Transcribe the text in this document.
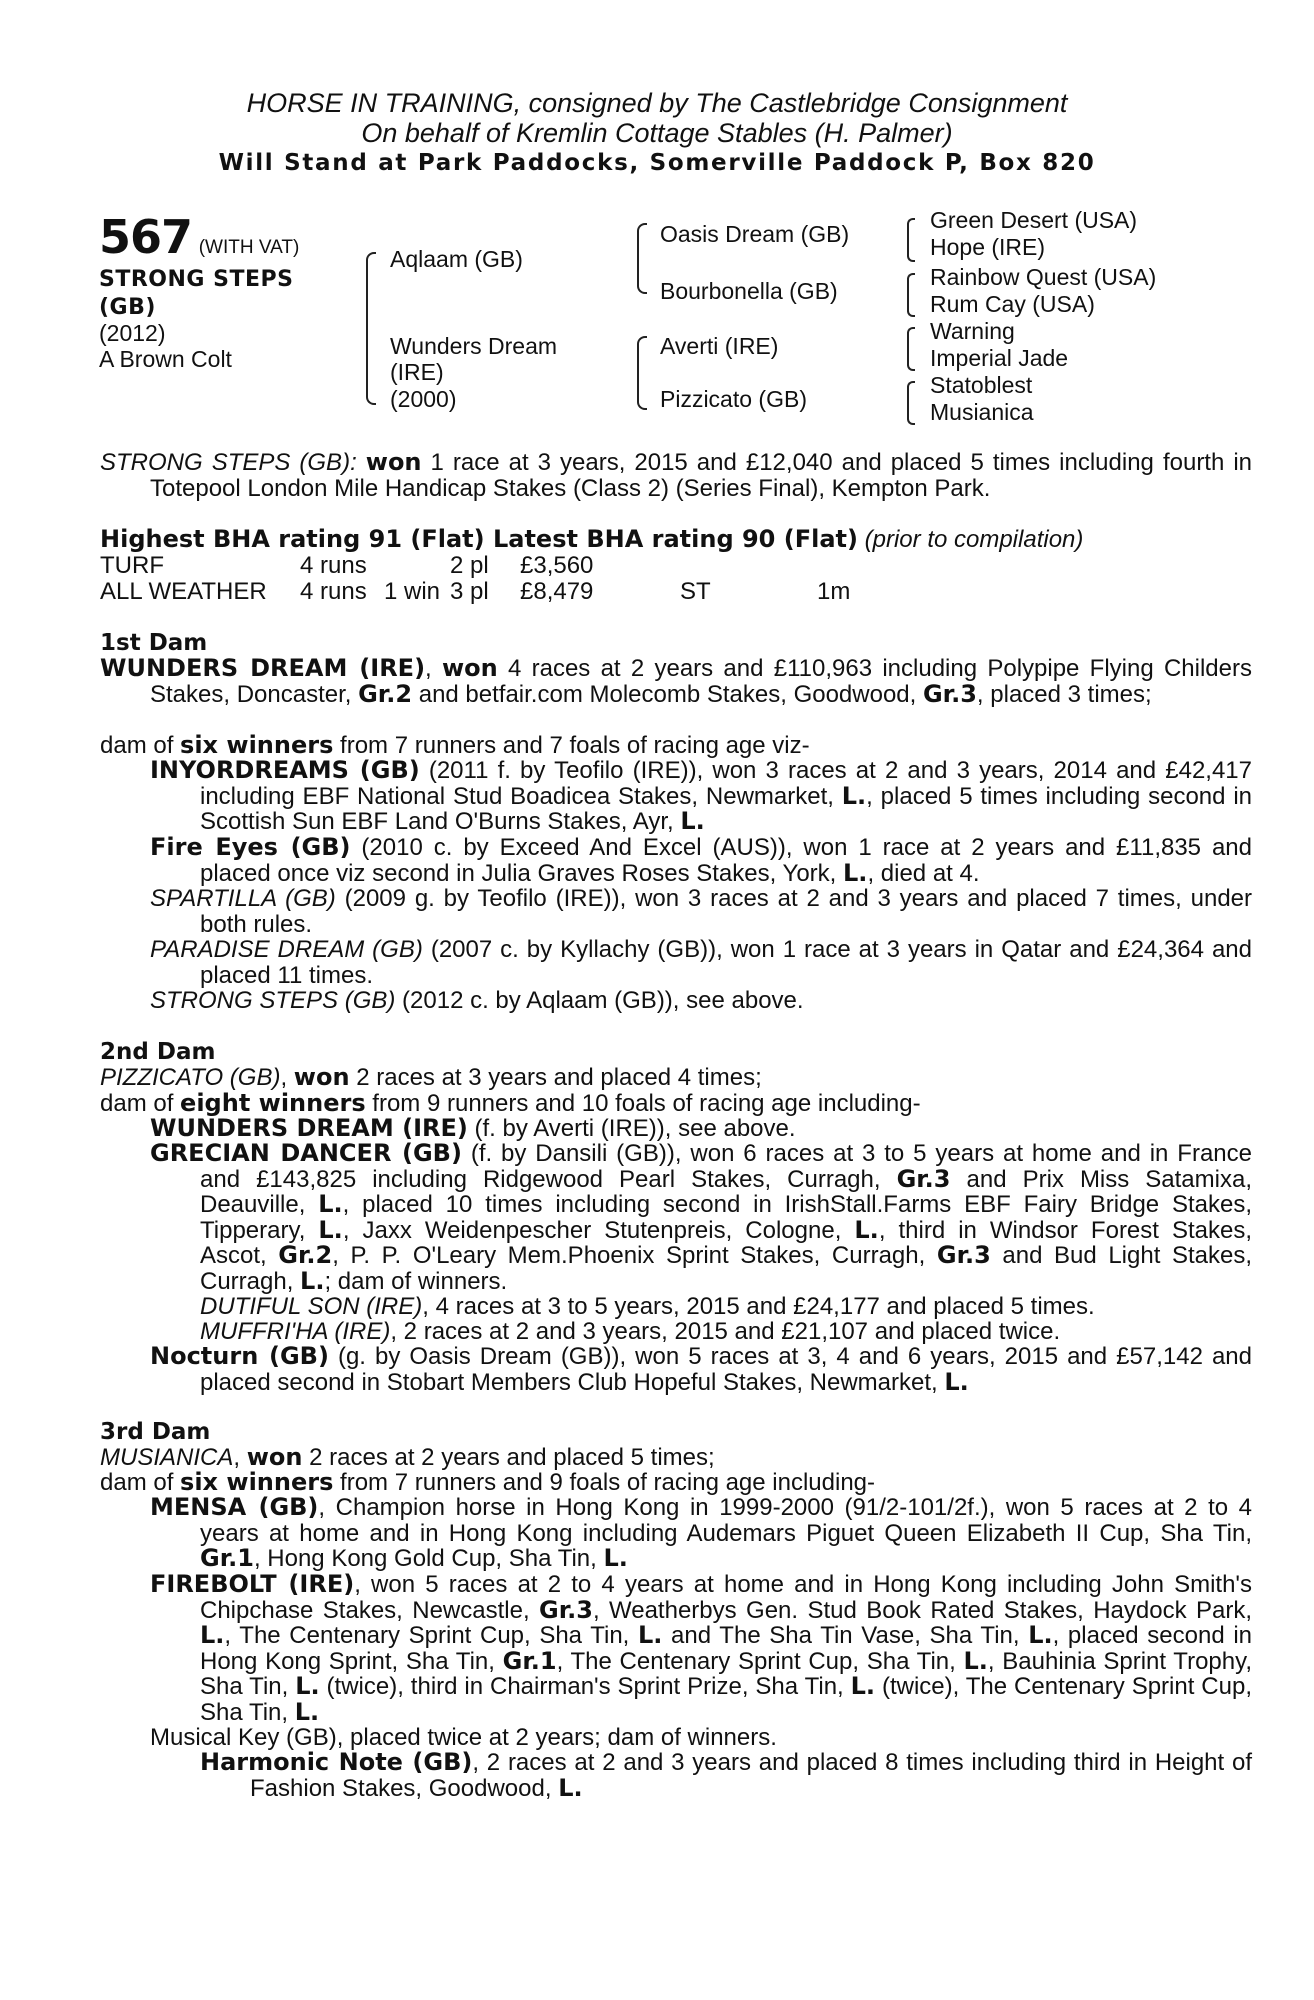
HORSE IN TRAINING, consigned by The Castlebridge Consignment
On behalf of Kremlin Cottage Stables (H. Palmer)
Will Stand at Park Paddocks, Somerville Paddock P, Box 820
567 (WITH VAT)
STRONG STEPS
(GB)
(2012)
A Brown Colt
Aqlaam (GB)
Wunders Dream
(IRE)
(2000)
Oasis Dream (GB)
Bourbonella (GB)
Averti (IRE)
Pizzicato (GB)
Green Desert (USA)
Hope (IRE)
Rainbow Quest (USA)
Rum Cay (USA)
Warning
Imperial Jade
Statoblest
Musianica
STRONG STEPS (GB): won 1 race at 3 years, 2015 and £12,040 and placed 5 times including fourth in Totepool London Mile Handicap Stakes (Class 2) (Series Final), Kempton Park.
Highest BHA rating 91 (Flat) Latest BHA rating 90 (Flat) (prior to compilation)
TURF	4 runs		2 pl	£3,560		
ALL WEATHER	4 runs	1 win	3 pl	£8,479	ST	1m
1st Dam
WUNDERS DREAM (IRE), won 4 races at 2 years and £110,963 including Polypipe Flying Childers Stakes, Doncaster, Gr.2 and betfair.com Molecomb Stakes, Goodwood, Gr.3, placed 3 times;
dam of six winners from 7 runners and 7 foals of racing age viz-
INYORDREAMS (GB) (2011 f. by Teofilo (IRE)), won 3 races at 2 and 3 years, 2014 and £42,417 including EBF National Stud Boadicea Stakes, Newmarket, L., placed 5 times including second in Scottish Sun EBF Land O'Burns Stakes, Ayr, L.
Fire Eyes (GB) (2010 c. by Exceed And Excel (AUS)), won 1 race at 2 years and £11,835 and placed once viz second in Julia Graves Roses Stakes, York, L., died at 4.
SPARTILLA (GB) (2009 g. by Teofilo (IRE)), won 3 races at 2 and 3 years and placed 7 times, under both rules.
PARADISE DREAM (GB) (2007 c. by Kyllachy (GB)), won 1 race at 3 years in Qatar and £24,364 and placed 11 times.
STRONG STEPS (GB) (2012 c. by Aqlaam (GB)), see above.
2nd Dam
PIZZICATO (GB), won 2 races at 3 years and placed 4 times;
dam of eight winners from 9 runners and 10 foals of racing age including-
WUNDERS DREAM (IRE) (f. by Averti (IRE)), see above.
GRECIAN DANCER (GB) (f. by Dansili (GB)), won 6 races at 3 to 5 years at home and in France and £143,825 including Ridgewood Pearl Stakes, Curragh, Gr.3 and Prix Miss Satamixa, Deauville, L., placed 10 times including second in IrishStall.Farms EBF Fairy Bridge Stakes, Tipperary, L., Jaxx Weidenpescher Stutenpreis, Cologne, L., third in Windsor Forest Stakes, Ascot, Gr.2, P. P. O'Leary Mem.Phoenix Sprint Stakes, Curragh, Gr.3 and Bud Light Stakes, Curragh, L.; dam of winners.
DUTIFUL SON (IRE), 4 races at 3 to 5 years, 2015 and £24,177 and placed 5 times.
MUFFRI'HA (IRE), 2 races at 2 and 3 years, 2015 and £21,107 and placed twice.
Nocturn (GB) (g. by Oasis Dream (GB)), won 5 races at 3, 4 and 6 years, 2015 and £57,142 and placed second in Stobart Members Club Hopeful Stakes, Newmarket, L.
3rd Dam
MUSIANICA, won 2 races at 2 years and placed 5 times;
dam of six winners from 7 runners and 9 foals of racing age including-
MENSA (GB), Champion horse in Hong Kong in 1999-2000 (91/2-101/2f.), won 5 races at 2 to 4 years at home and in Hong Kong including Audemars Piguet Queen Elizabeth II Cup, Sha Tin, Gr.1, Hong Kong Gold Cup, Sha Tin, L.
FIREBOLT (IRE), won 5 races at 2 to 4 years at home and in Hong Kong including John Smith's Chipchase Stakes, Newcastle, Gr.3, Weatherbys Gen. Stud Book Rated Stakes, Haydock Park, L., The Centenary Sprint Cup, Sha Tin, L. and The Sha Tin Vase, Sha Tin, L., placed second in Hong Kong Sprint, Sha Tin, Gr.1, The Centenary Sprint Cup, Sha Tin, L., Bauhinia Sprint Trophy, Sha Tin, L. (twice), third in Chairman's Sprint Prize, Sha Tin, L. (twice), The Centenary Sprint Cup, Sha Tin, L.
Musical Key (GB), placed twice at 2 years; dam of winners.
Harmonic Note (GB), 2 races at 2 and 3 years and placed 8 times including third in Height of Fashion Stakes, Goodwood, L.
